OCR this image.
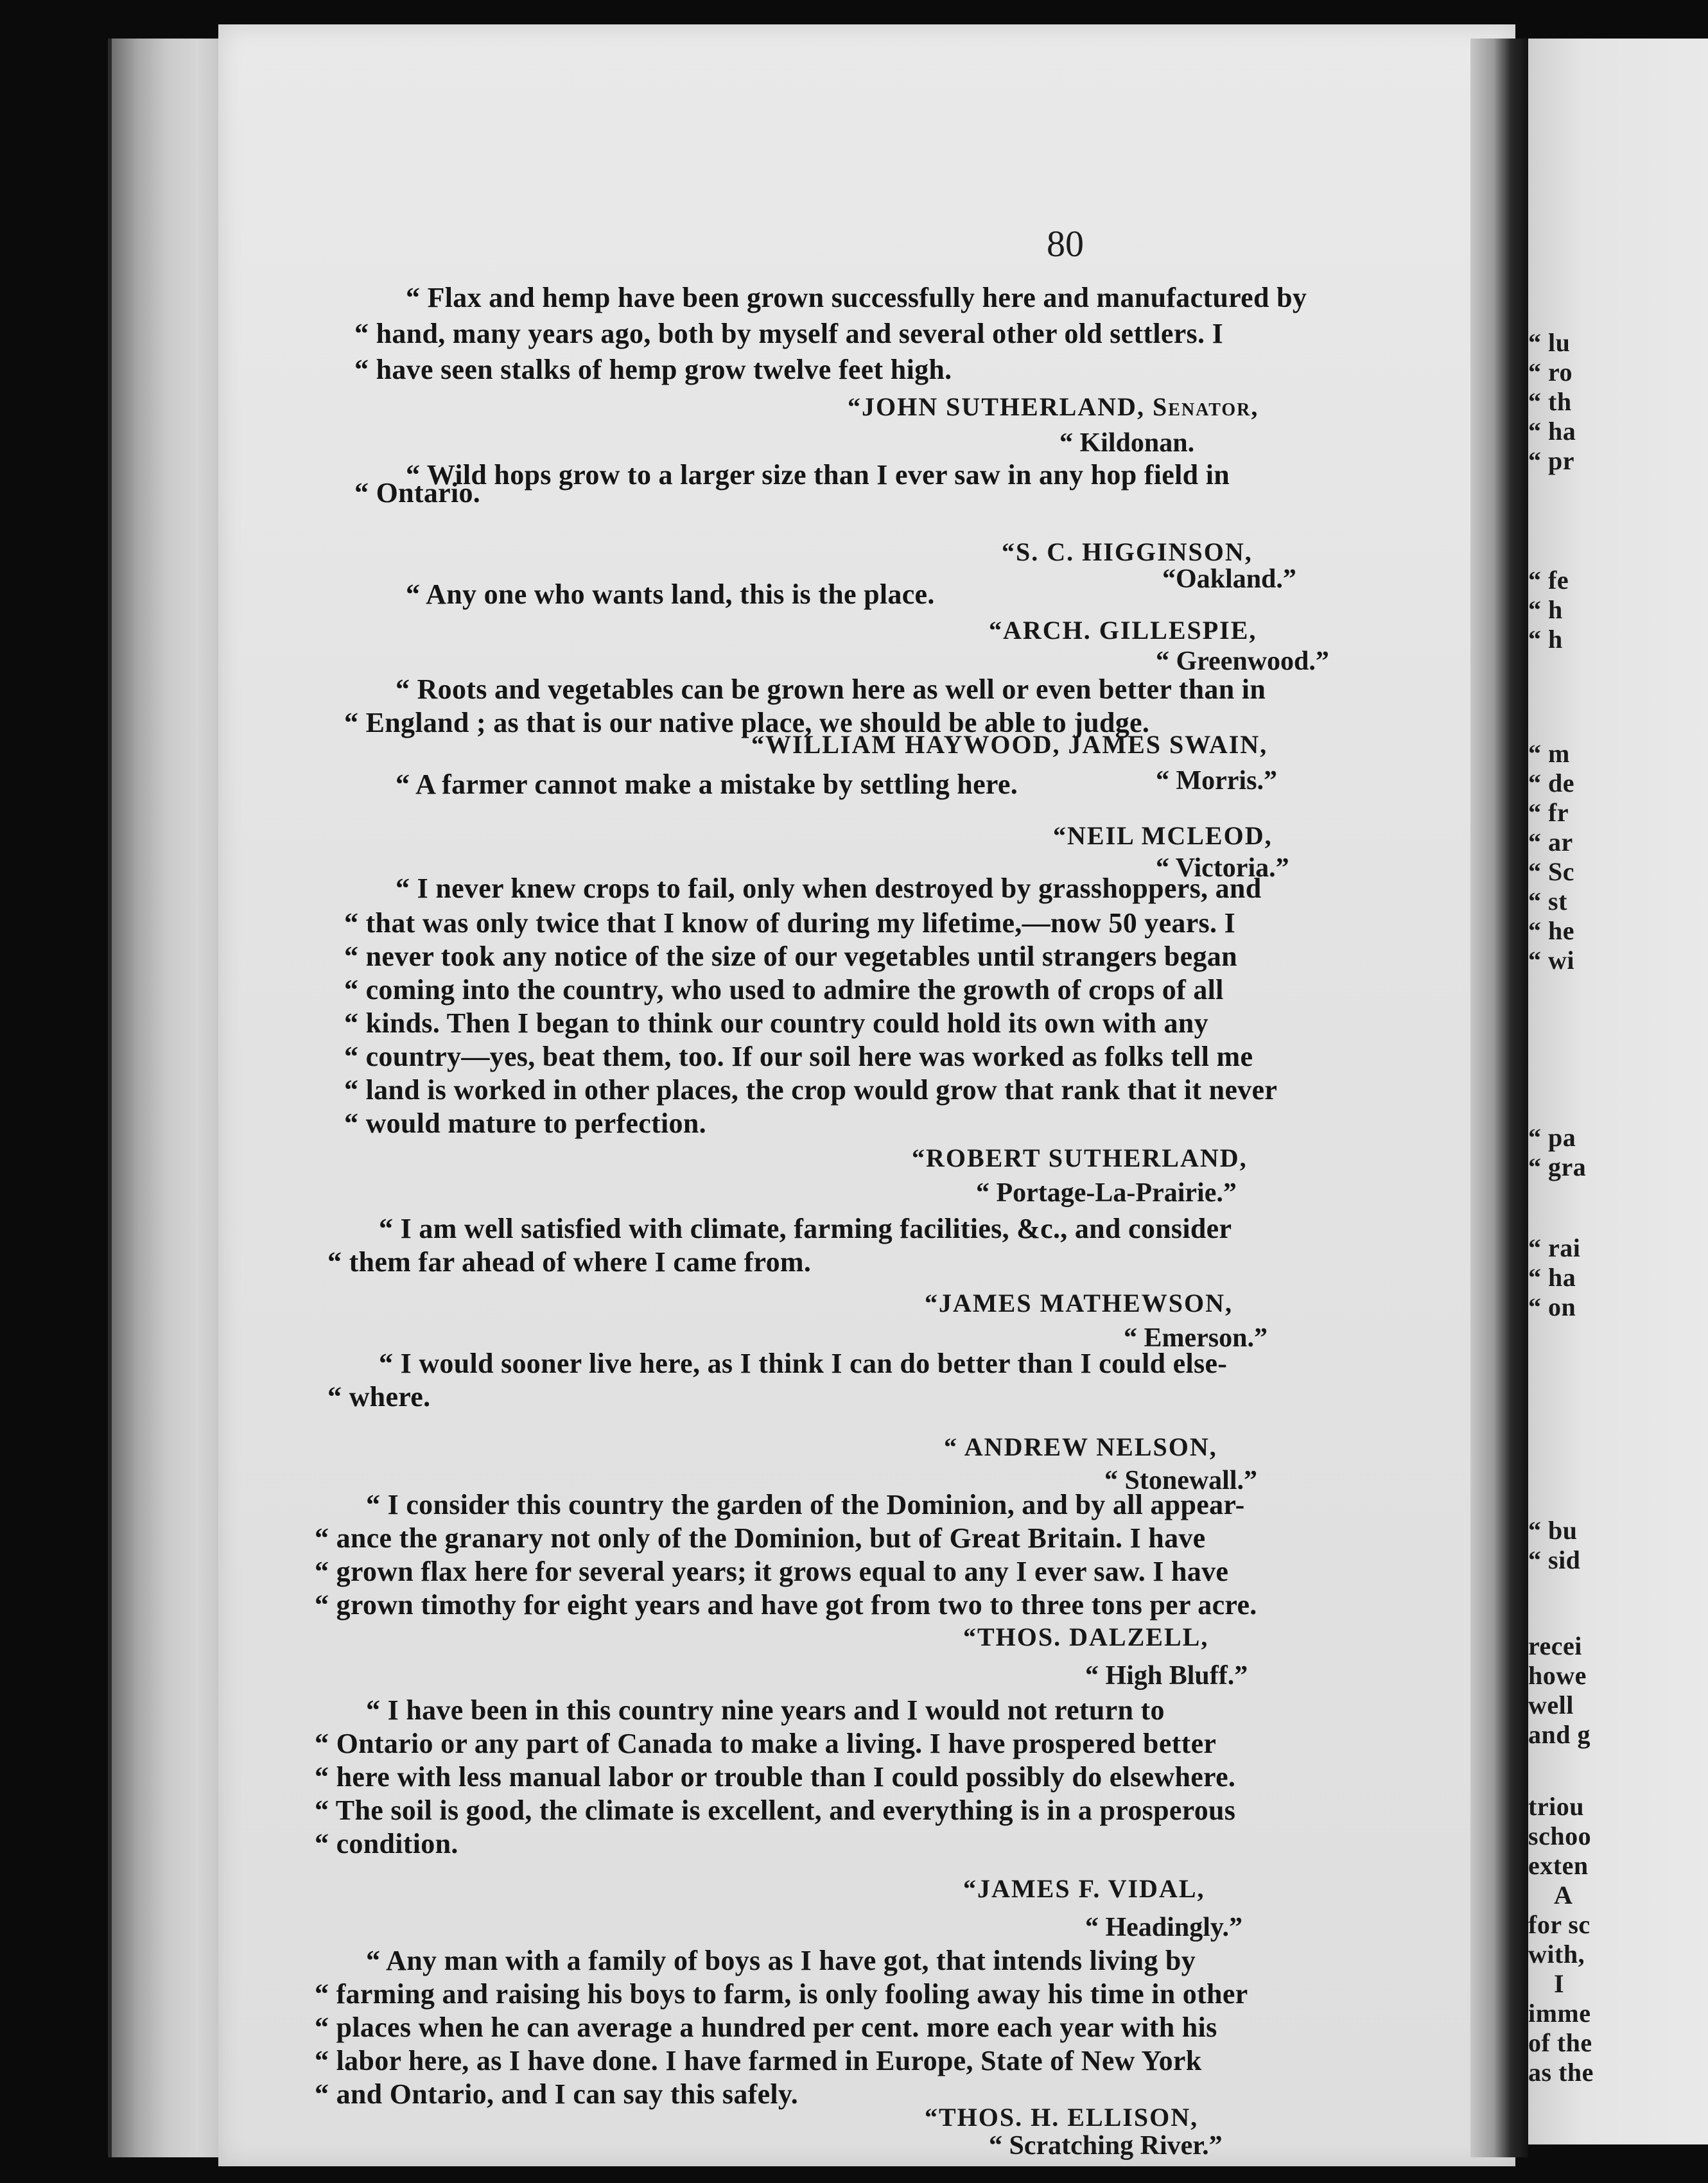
80
“ Flax and hemp have been grown successfully here and manufactured by
“ hand, many years ago, both by myself and several other old settlers. I
“ have seen stalks of hemp grow twelve feet high.
“JOHN SUTHERLAND, Senator,
“ Kildonan.
“ Wild hops grow to a larger size than I ever saw in any hop field in
“ Ontario.
“S. C. HIGGINSON,
“Oakland.”
“ Any one who wants land, this is the place.
“ARCH. GILLESPIE,
“ Greenwood.”
“ Roots and vegetables can be grown here as well or even better than in
“ England ; as that is our native place, we should be able to judge.
“WILLIAM HAYWOOD, JAMES SWAIN,
“ Morris.”
“ A farmer cannot make a mistake by settling here.
“NEIL MCLEOD,
“ Victoria.”
“ I never knew crops to fail, only when destroyed by grasshoppers, and
“ that was only twice that I know of during my lifetime,—now 50 years. I
“ never took any notice of the size of our vegetables until strangers began
“ coming into the country, who used to admire the growth of crops of all
“ kinds. Then I began to think our country could hold its own with any
“ country—yes, beat them, too. If our soil here was worked as folks tell me
“ land is worked in other places, the crop would grow that rank that it never
“ would mature to perfection.
“ROBERT SUTHERLAND,
“ Portage-La-Prairie.”
“ I am well satisfied with climate, farming facilities, &c., and consider
“ them far ahead of where I came from.
“JAMES MATHEWSON,
“ Emerson.”
“ I would sooner live here, as I think I can do better than I could else-
“ where.
“ ANDREW NELSON,
“ Stonewall.”
“ I consider this country the garden of the Dominion, and by all appear-
“ ance the granary not only of the Dominion, but of Great Britain. I have
“ grown flax here for several years; it grows equal to any I ever saw. I have
“ grown timothy for eight years and have got from two to three tons per acre.
“THOS. DALZELL,
“ High Bluff.”
“ I have been in this country nine years and I would not return to
“ Ontario or any part of Canada to make a living. I have prospered better
“ here with less manual labor or trouble than I could possibly do elsewhere.
“ The soil is good, the climate is excellent, and everything is in a prosperous
“ condition.
“JAMES F. VIDAL,
“ Headingly.”
“ Any man with a family of boys as I have got, that intends living by
“ farming and raising his boys to farm, is only fooling away his time in other
“ places when he can average a hundred per cent. more each year with his
“ labor here, as I have done. I have farmed in Europe, State of New York
“ and Ontario, and I can say this safely.
“THOS. H. ELLISON,
“ Scratching River.”
“ lu
“ ro
“ th
“ ha
“ pr
“ fe
“ h
“ h
“ m
“ de
“ fr
“ ar
“ Sc
“ st
“ he
“ wi
“ pa
“ gra
“ rai
“ ha
“ on
“ bu
“ sid
recei
howe
well
and g
triou
schoo
exten
A
for sc
with,
I
imme
of the
as the
